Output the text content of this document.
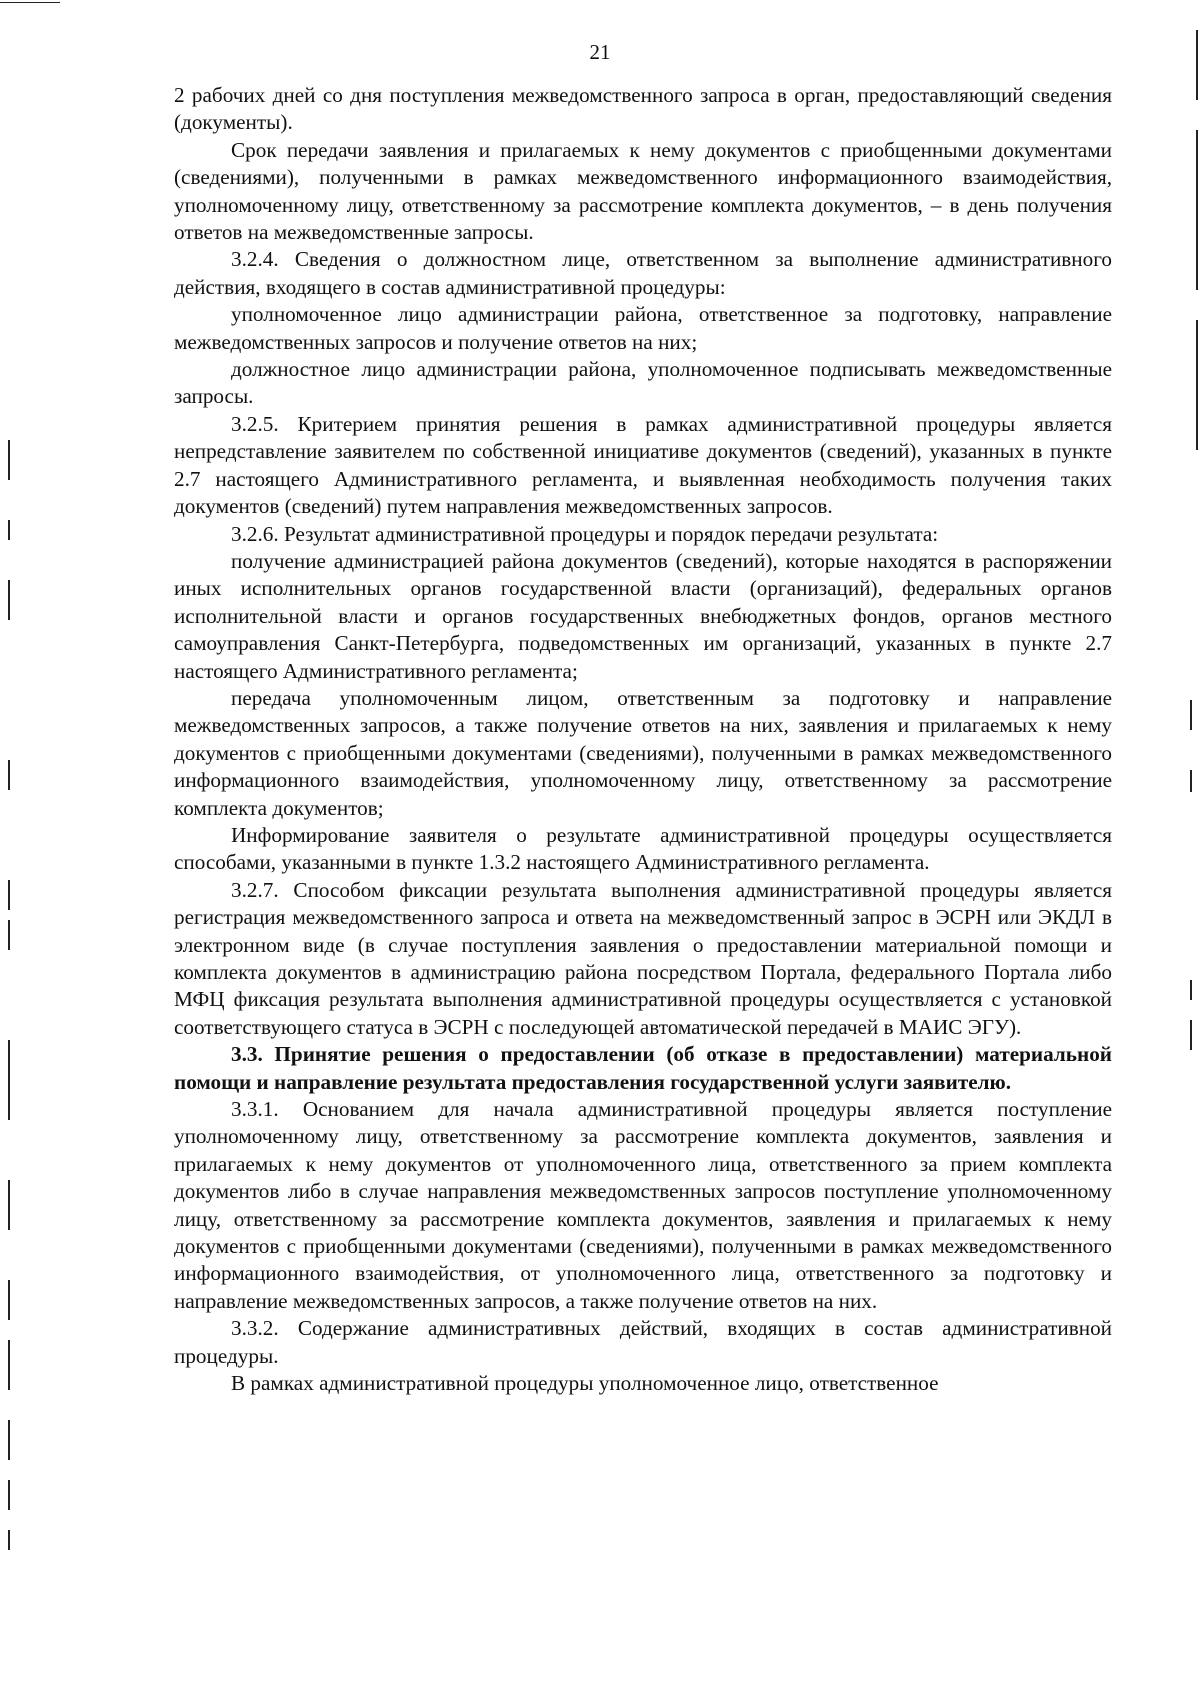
21

2 рабочих дней со дня поступления межведомственного запроса в орган, предоставляющий сведения (документы).

Срок передачи заявления и прилагаемых к нему документов с приобщенными документами (сведениями), полученными в рамках межведомственного информационного взаимодействия, уполномоченному лицу, ответственному за рассмотрение комплекта документов, – в день получения ответов на межведомственные запросы.

3.2.4. Сведения о должностном лице, ответственном за выполнение административного действия, входящего в состав административной процедуры:

уполномоченное лицо администрации района, ответственное за подготовку, направление межведомственных запросов и получение ответов на них;

должностное лицо администрации района, уполномоченное подписывать межведомственные запросы.

3.2.5. Критерием принятия решения в рамках административной процедуры является непредставление заявителем по собственной инициативе документов (сведений), указанных в пункте 2.7 настоящего Административного регламента, и выявленная необходимость получения таких документов (сведений) путем направления межведомственных запросов.

3.2.6. Результат административной процедуры и порядок передачи результата:

получение администрацией района документов (сведений), которые находятся в распоряжении иных исполнительных органов государственной власти (организаций), федеральных органов исполнительной власти и органов государственных внебюджетных фондов, органов местного самоуправления Санкт-Петербурга, подведомственных им организаций, указанных в пункте 2.7 настоящего Административного регламента;

передача уполномоченным лицом, ответственным за подготовку и направление межведомственных запросов, а также получение ответов на них, заявления и прилагаемых к нему документов с приобщенными документами (сведениями), полученными в рамках межведомственного информационного взаимодействия, уполномоченному лицу, ответственному за рассмотрение комплекта документов;

Информирование заявителя о результате административной процедуры осуществляется способами, указанными в пункте 1.3.2 настоящего Административного регламента.

3.2.7. Способом фиксации результата выполнения административной процедуры является регистрация межведомственного запроса и ответа на межведомственный запрос в ЭСРН или ЭКДЛ в электронном виде (в случае поступления заявления о предоставлении материальной помощи и комплекта документов в администрацию района посредством Портала, федерального Портала либо МФЦ фиксация результата выполнения административной процедуры осуществляется с установкой соответствующего статуса в ЭСРН с последующей автоматической передачей в МАИС ЭГУ).

3.3. Принятие решения о предоставлении (об отказе в предоставлении) материальной помощи и направление результата предоставления государственной услуги заявителю.

3.3.1. Основанием для начала административной процедуры является поступление уполномоченному лицу, ответственному за рассмотрение комплекта документов, заявления и прилагаемых к нему документов от уполномоченного лица, ответственного за прием комплекта документов либо в случае направления межведомственных запросов поступление уполномоченному лицу, ответственному за рассмотрение комплекта документов, заявления и прилагаемых к нему документов с приобщенными документами (сведениями), полученными в рамках межведомственного информационного взаимодействия, от уполномоченного лица, ответственного за подготовку и направление межведомственных запросов, а также получение ответов на них.

3.3.2. Содержание административных действий, входящих в состав административной процедуры.

В рамках административной процедуры уполномоченное лицо, ответственное
